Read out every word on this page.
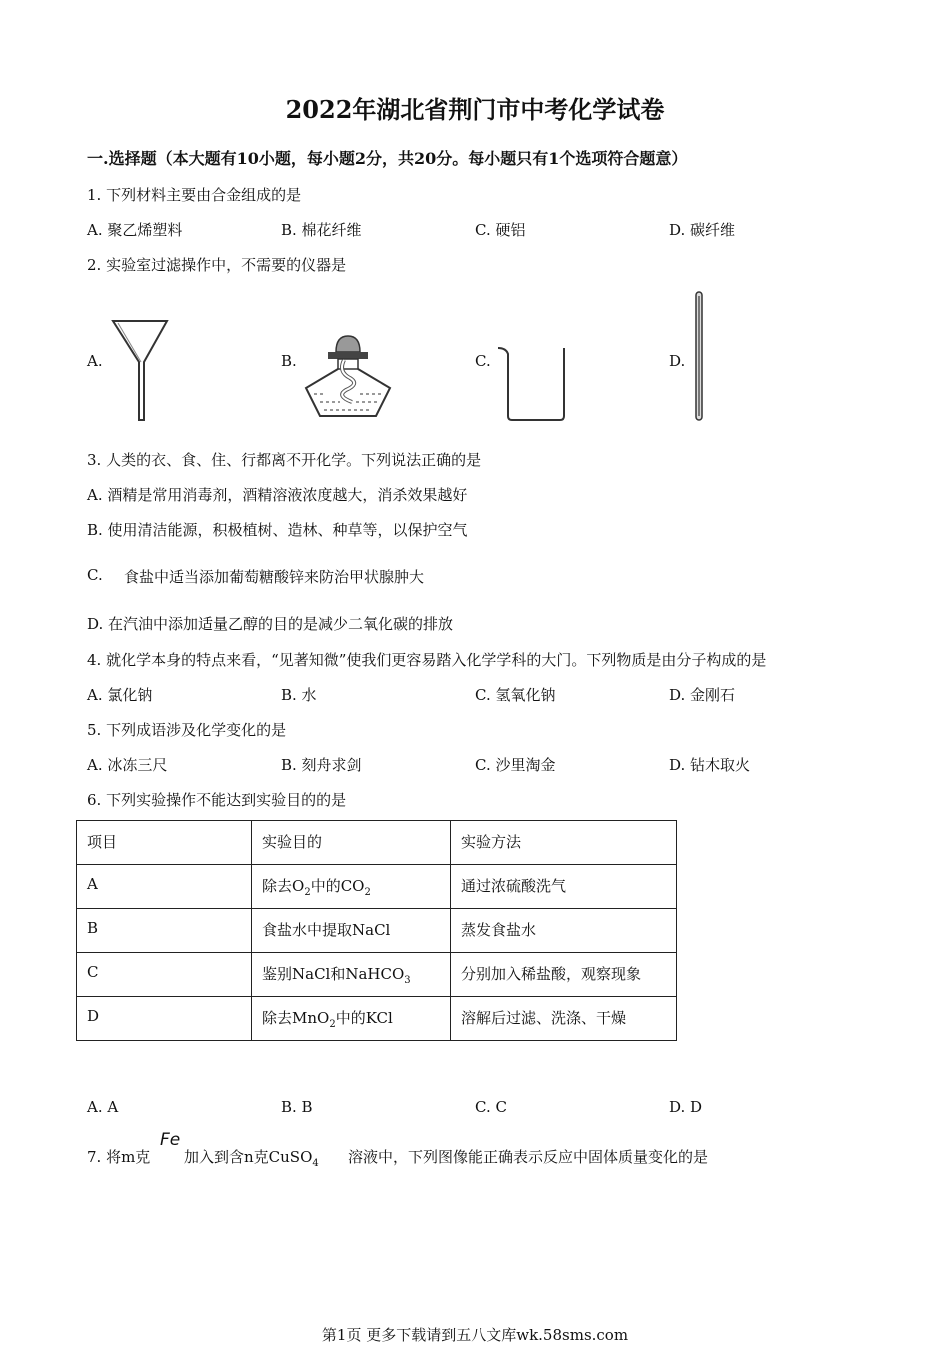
2022年湖北省荆门市中考化学试卷
一.选择题（本大题有10小题，每小题2分，共20分。每小题只有1个选项符合题意）
1. 下列材料主要由合金组成的是
A. 聚乙烯塑料	B. 棉花纤维	C. 硬铝	D. 碳纤维
2. 实验室过滤操作中，不需要的仪器是
A.	B.	C.	D.
3. 人类的衣、食、住、行都离不开化学。下列说法正确的是
A. 酒精是常用消毒剂，酒精溶液浓度越大，消杀效果越好
B. 使用清洁能源，积极植树、造林、种草等，以保护空气
C. 食盐中适当添加葡萄糖酸锌来防治甲状腺肿大
D. 在汽油中添加适量乙醇的目的是减少二氧化碳的排放
4. 就化学本身的特点来看，“见著知微”使我们更容易踏入化学学科的大门。下列物质是由分子构成的是
A. 氯化钠	B. 水	C. 氢氧化钠	D. 金刚石
5. 下列成语涉及化学变化的是
A. 冰冻三尺	B. 刻舟求剑	C. 沙里淘金	D. 钻木取火
6. 下列实验操作不能达到实验目的的是
项目	实验目的	实验方法
A	除去$O_2$中的$CO_2$	通过浓硫酸洗气
B	食盐水中提取NaCl	蒸发食盐水
C	鉴别NaCl和NaHCO$_3$	分别加入稀盐酸，观察现象
D	除去MnO$_2$中的KCl	溶解后过滤、洗涤、干燥
A. A	B. B	C. C	D. D
7. 将m克
Fe
加入到含n克CuSO$_4$ 溶液中，下列图像能正确表示反应中固体质量变化的是
第1页 更多下载请到五八文库wk.58sms.com
